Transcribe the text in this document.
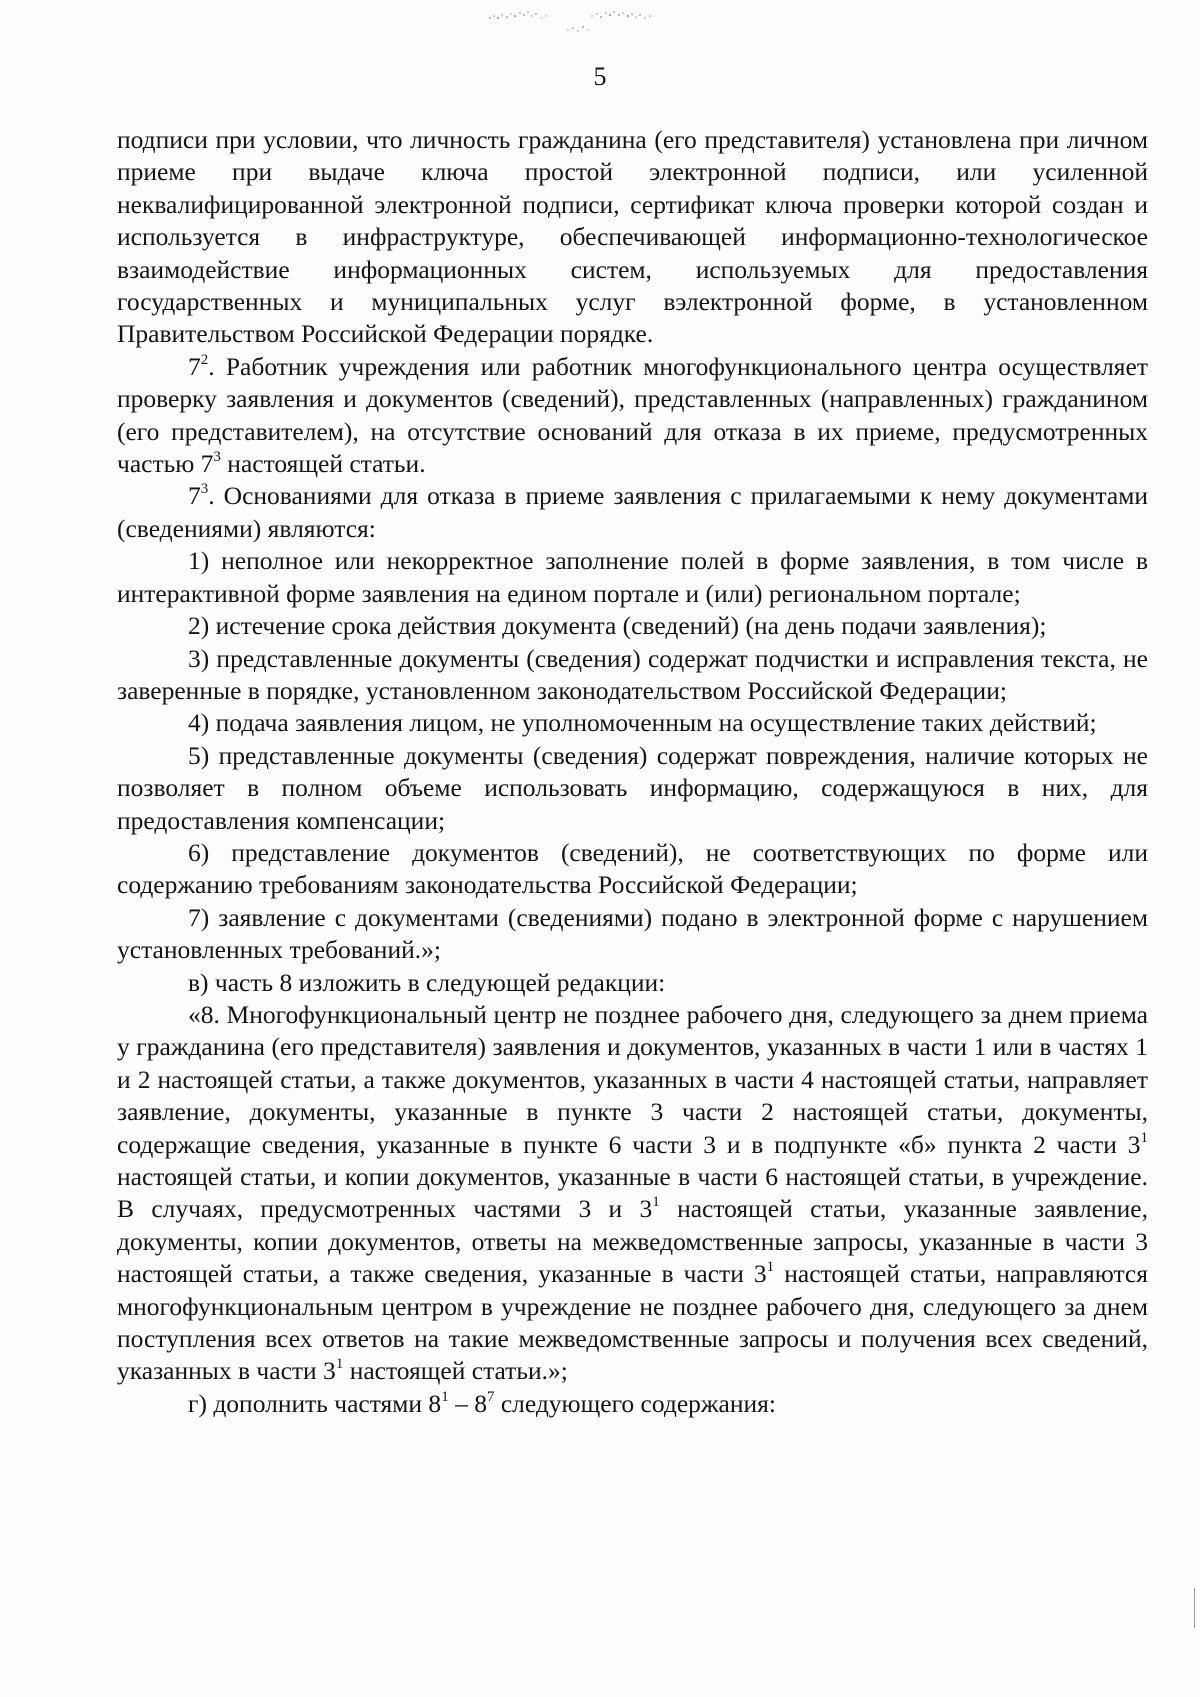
5

подписи при условии, что личность гражданина (его представителя) установлена при личном приеме при выдаче ключа простой электронной подписи, или усиленной неквалифицированной электронной подписи, сертификат ключа проверки которой создан и используется в инфраструктуре, обеспечивающей информационно-технологическое взаимодействие информационных систем, используемых для предоставления государственных и муниципальных услуг вэлектронной форме, в установленном Правительством Российской Федерации порядке.

$7^2$. Работник учреждения или работник многофункционального центра осуществляет проверку заявления и документов (сведений), представленных (направленных) гражданином (его представителем), на отсутствие оснований для отказа в их приеме, предусмотренных частью $7^3$ настоящей статьи.

$7^3$. Основаниями для отказа в приеме заявления с прилагаемыми к нему документами (сведениями) являются:

1) неполное или некорректное заполнение полей в форме заявления, в том числе в интерактивной форме заявления на едином портале и (или) региональном портале;

2) истечение срока действия документа (сведений) (на день подачи заявления);

3) представленные документы (сведения) содержат подчистки и исправления текста, не заверенные в порядке, установленном законодательством Российской Федерации;

4) подача заявления лицом, не уполномоченным на осуществление таких действий;

5) представленные документы (сведения) содержат повреждения, наличие которых не позволяет в полном объеме использовать информацию, содержащуюся в них, для предоставления компенсации;

6) представление документов (сведений), не соответствующих по форме или содержанию требованиям законодательства Российской Федерации;

7) заявление с документами (сведениями) подано в электронной форме с нарушением установленных требований.»;

в) часть 8 изложить в следующей редакции:

«8. Многофункциональный центр не позднее рабочего дня, следующего за днем приема у гражданина (его представителя) заявления и документов, указанных в части 1 или в частях 1 и 2 настоящей статьи, а также документов, указанных в части 4 настоящей статьи, направляет заявление, документы, указанные в пункте 3 части 2 настоящей статьи, документы, содержащие сведения, указанные в пункте 6 части 3 и в подпункте «б» пункта 2 части $3^1$ настоящей статьи, и копии документов, указанные в части 6 настоящей статьи, в учреждение. В случаях, предусмотренных частями 3 и $3^1$ настоящей статьи, указанные заявление, документы, копии документов, ответы на межведомственные запросы, указанные в части 3 настоящей статьи, а также сведения, указанные в части $3^1$ настоящей статьи, направляются многофункциональным центром в учреждение не позднее рабочего дня, следующего за днем поступления всех ответов на такие межведомственные запросы и получения всех сведений, указанных в части $3^1$ настоящей статьи.»;

г) дополнить частями $8^1 - 8^7$ следующего содержания:
